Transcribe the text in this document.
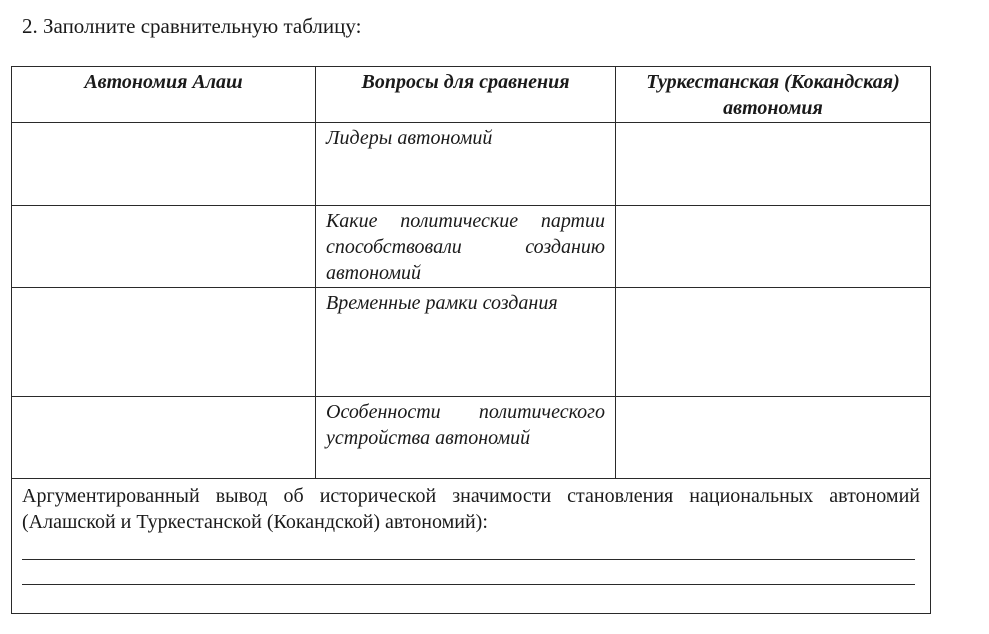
2. Заполните сравнительную таблицу:
Автономия Алаш	Вопросы для сравнения	Туркестанская (Кокандская) автономия
	Лидеры автономий	
	Какие политические партии способствовали созданию автономий	
	Временные рамки создания	
	Особенности политического устройства автономий	

Аргументированный вывод об исторической значимости становления национальных автономий (Алашской и Туркестанской (Кокандской) автономий):		
